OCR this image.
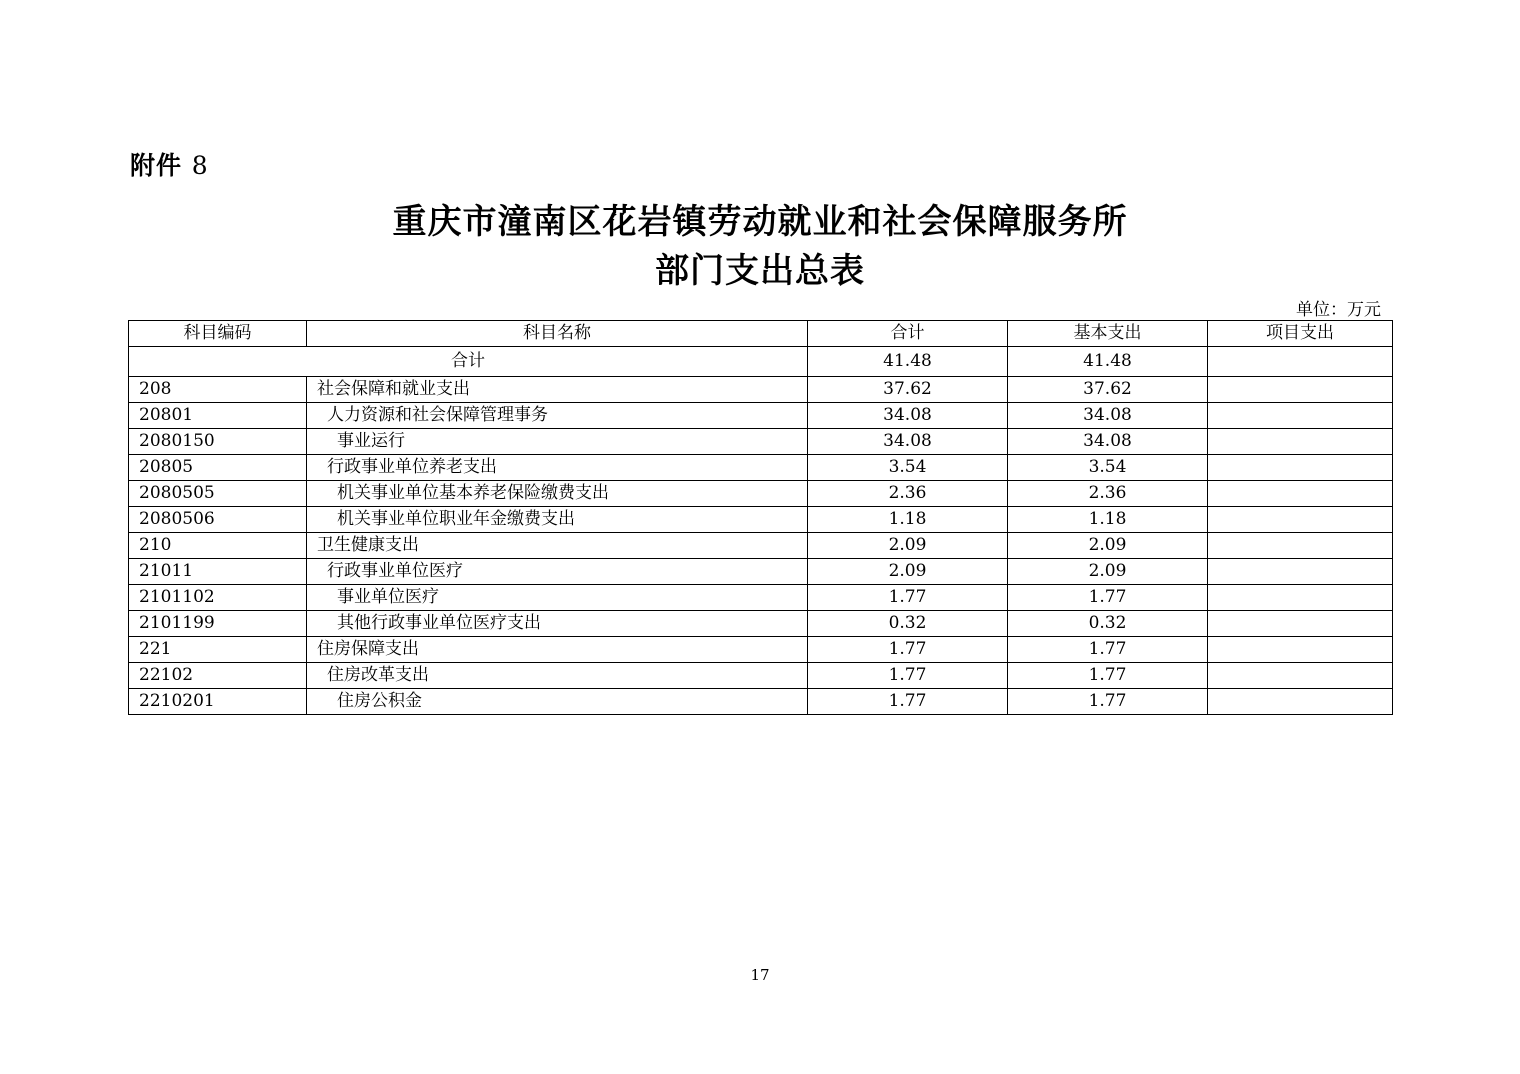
附件 8
重庆市潼南区花岩镇劳动就业和社会保障服务所
部门支出总表
单位：万元
科目编码	科目名称	合计	基本支出	项目支出
合计		41.48	41.48	
208	社会保障和就业支出	37.62	37.62	
20801	人力资源和社会保障管理事务	34.08	34.08	
2080150	事业运行	34.08	34.08	
20805	行政事业单位养老支出	3.54	3.54	
2080505	机关事业单位基本养老保险缴费支出	2.36	2.36	
2080506	机关事业单位职业年金缴费支出	1.18	1.18	
210	卫生健康支出	2.09	2.09	
21011	行政事业单位医疗	2.09	2.09	
2101102	事业单位医疗	1.77	1.77	
2101199	其他行政事业单位医疗支出	0.32	0.32	
221	住房保障支出	1.77	1.77	
22102	住房改革支出	1.77	1.77	
2210201	住房公积金	1.77	1.77	
17
